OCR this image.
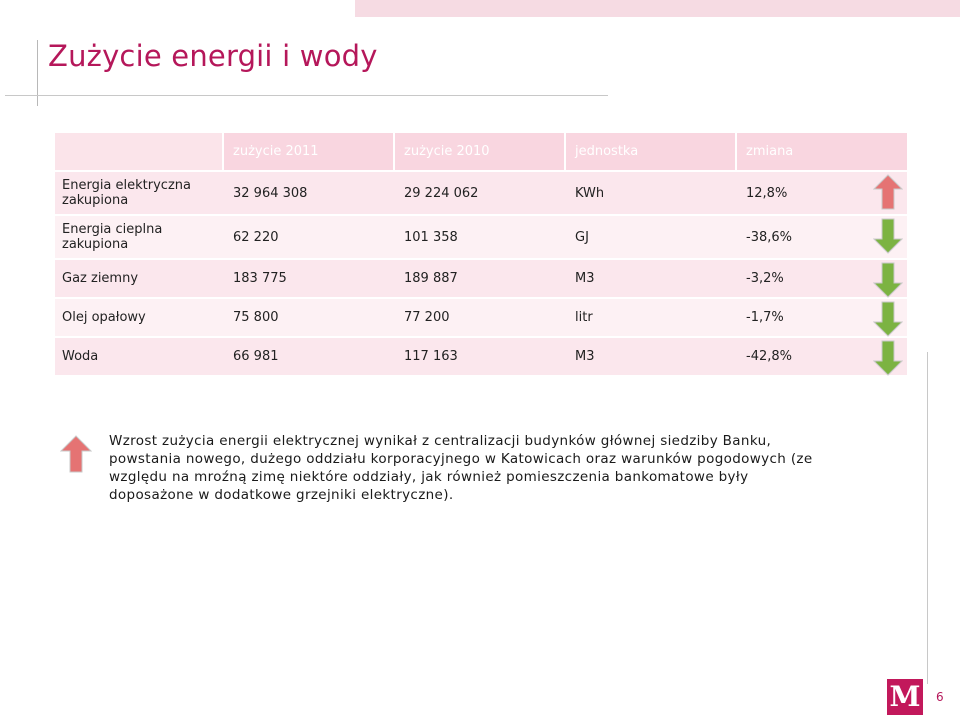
Zużycie energii i wody
	zużycie 2011	zużycie 2010	jednostka	zmiana
Energia elektryczna zakupiona	32 964 308	29 224 062	KWh	12,8%

Energia cieplna zakupiona	62 220	101 358	GJ	-38,6%

Gaz ziemny	183 775	189 887	M3	-3,2%

Olej opałowy	75 800	77 200	litr	-1,7%

Woda	66 981	117 163	M3	-42,8%

Wzrost zużycia energii elektrycznej wynikał z centralizacji budynków głównej siedziby Banku, powstania nowego, dużego oddziału korporacyjnego w Katowicach oraz warunków pogodowych (ze względu na mroźną zimę niektóre oddziały, jak również pomieszczenia bankomatowe były doposażone w dodatkowe grzejniki elektryczne).

M 6
